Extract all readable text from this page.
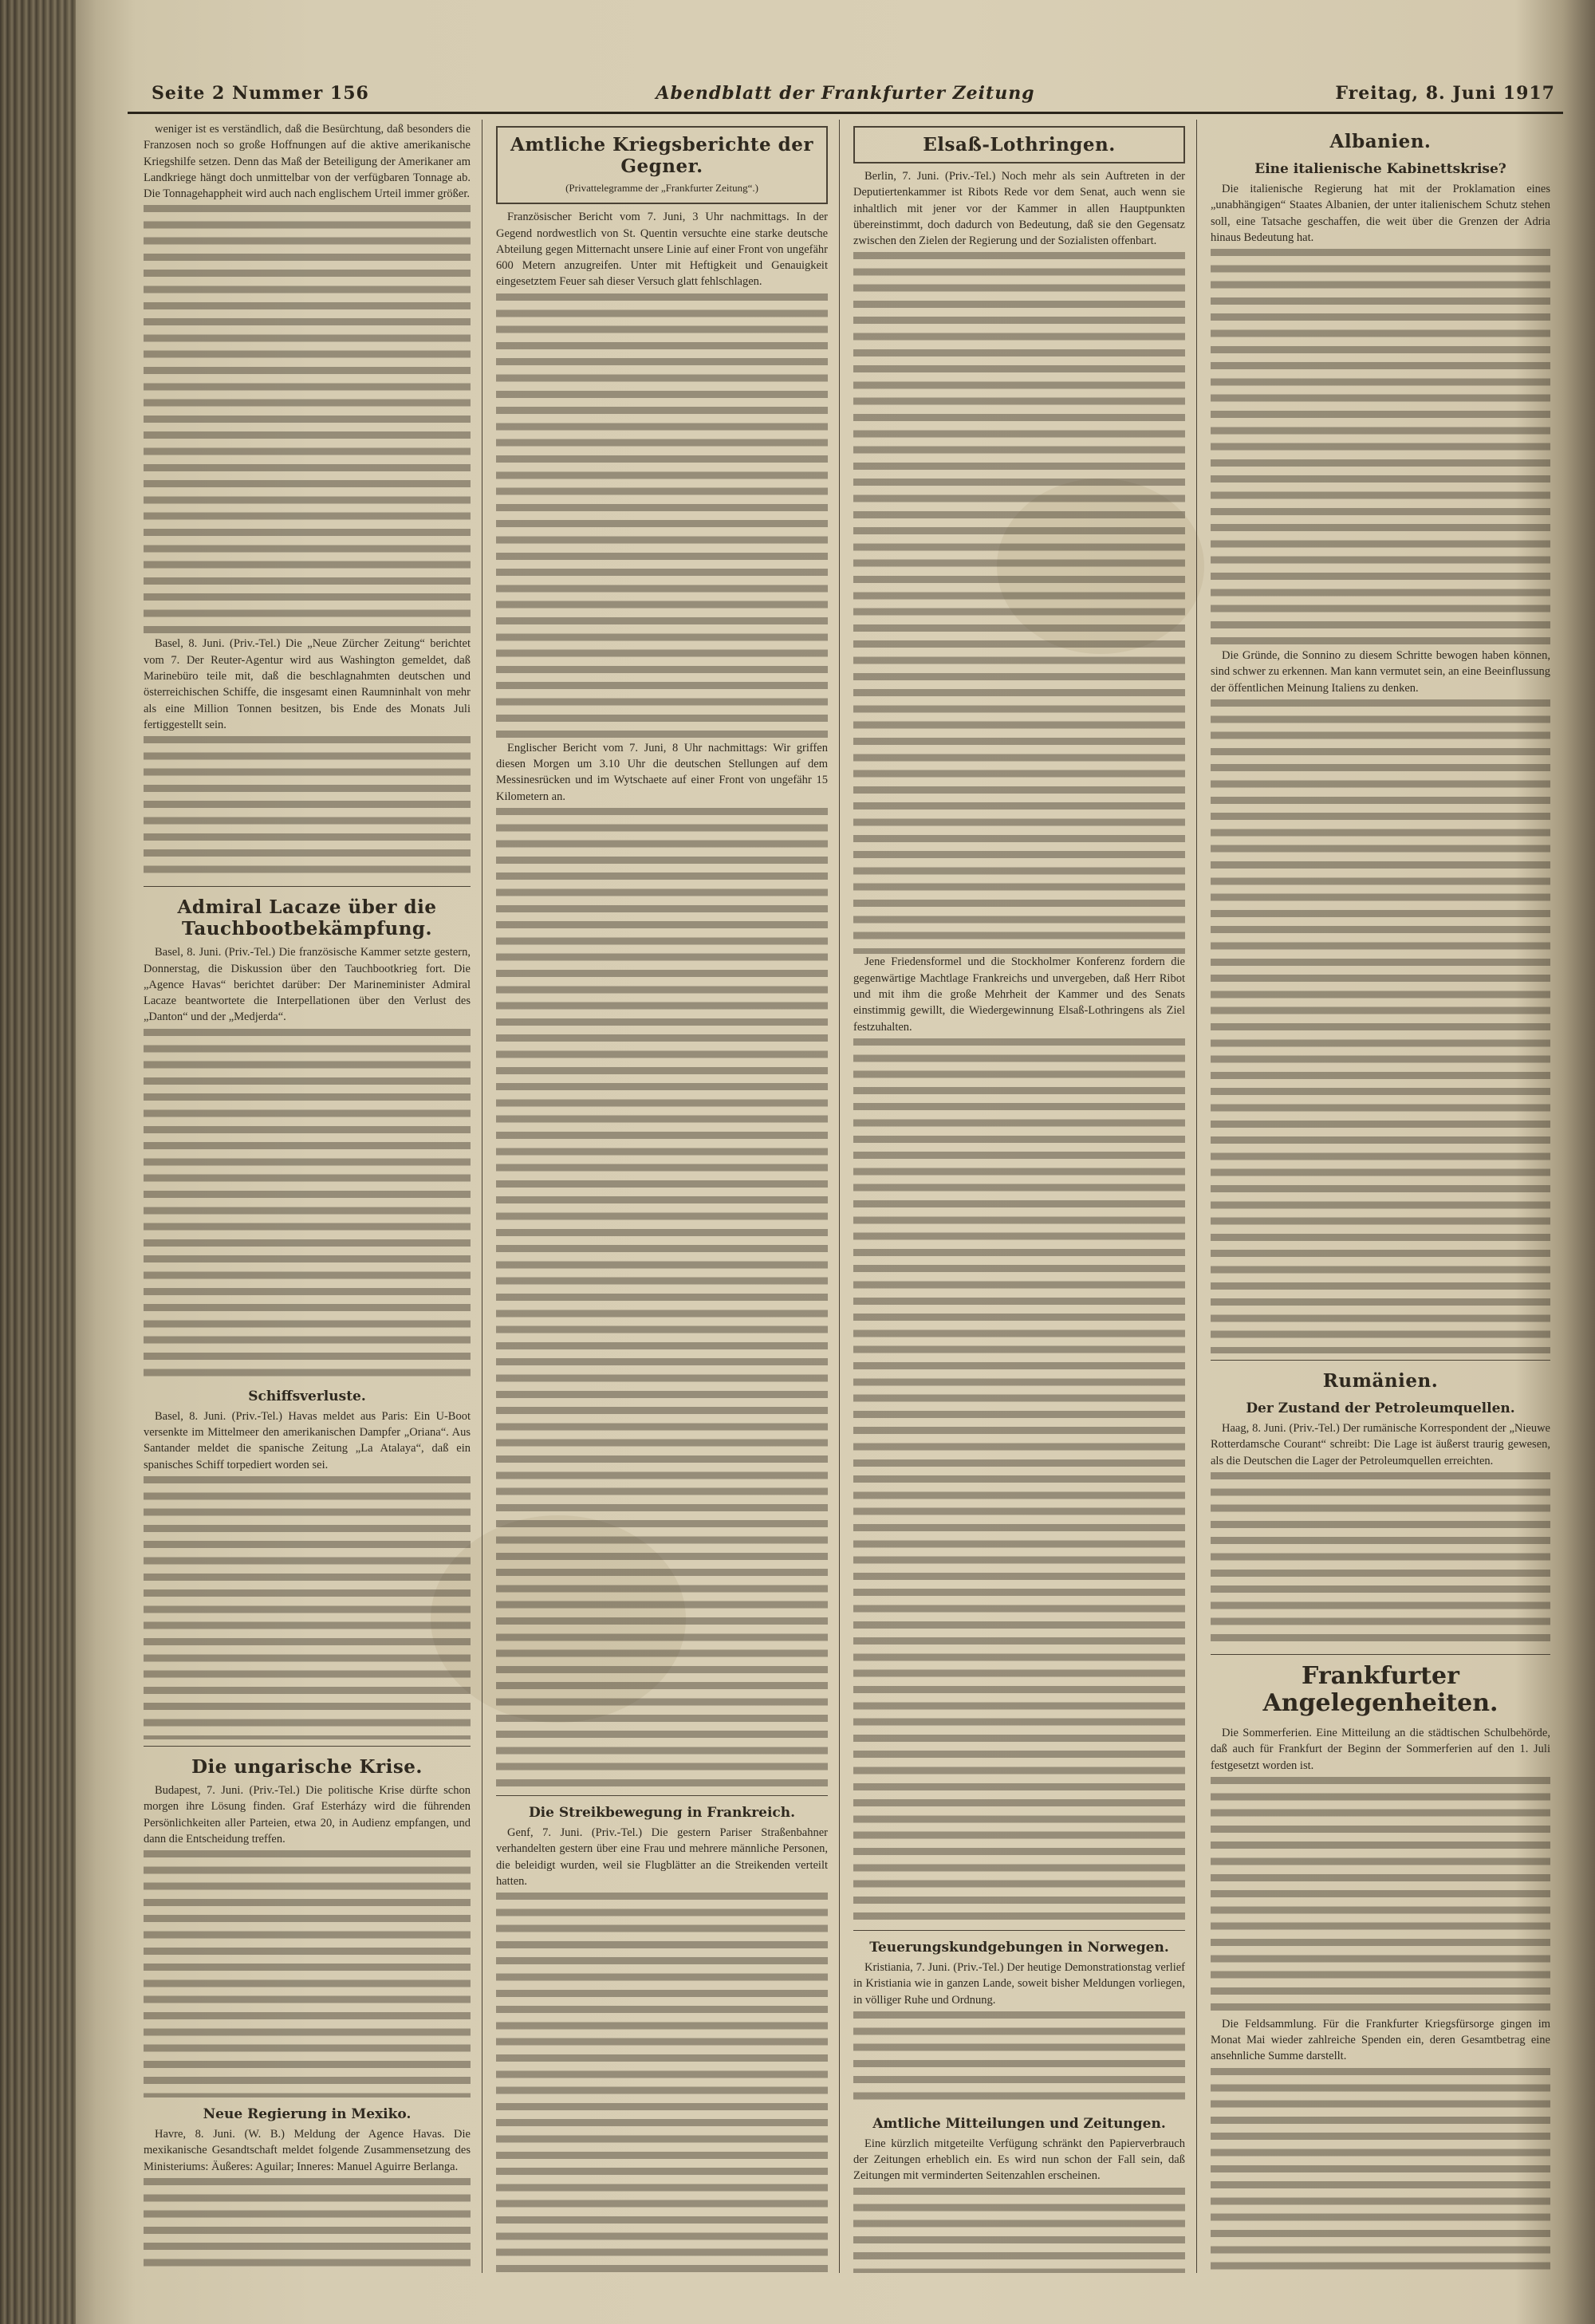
Seite 2 Nummer 156	Abendblatt der Frankfurter Zeitung	Freitag, 8. Juni 1917

weniger ist es verständlich, daß die Besürchtung, daß besonders die Franzosen noch so große Hoffnungen auf die aktive amerikanische Kriegshilfe setzen. Denn das Maß der Beteiligung der Amerikaner am Landkriege hängt doch unmittelbar von der verfügbaren Tonnage ab. Die Tonnagehappheit wird auch nach englischem Urteil immer größer.

Basel, 8. Juni. (Priv.-Tel.) Die „Neue Zürcher Zeitung“ berichtet vom 7. Der Reuter-Agentur wird aus Washington gemeldet, daß Marinebüro teile mit, daß die beschlagnahmten deutschen und österreichischen Schiffe, die insgesamt einen Raumninhalt von mehr als eine Million Tonnen besitzen, bis Ende des Monats Juli fertiggestellt sein.

Admiral Lacaze über die Tauchbootbekämpfung.

Basel, 8. Juni. (Priv.-Tel.) Die französische Kammer setzte gestern, Donnerstag, die Diskussion über den Tauchbootkrieg fort. Die „Agence Havas“ berichtet darüber: Der Marineminister Admiral Lacaze beantwortete die Interpellationen über den Verlust des „Danton“ und der „Medjerda“.

Schiffsverluste.

Basel, 8. Juni. (Priv.-Tel.) Havas meldet aus Paris: Ein U-Boot versenkte im Mittelmeer den amerikanischen Dampfer „Oriana“. Aus Santander meldet die spanische Zeitung „La Atalaya“, daß ein spanisches Schiff torpediert worden sei.

Die ungarische Krise.

Budapest, 7. Juni. (Priv.-Tel.) Die politische Krise dürfte schon morgen ihre Lösung finden. Graf Esterházy wird die führenden Persönlichkeiten aller Parteien, etwa 20, in Audienz empfangen, und dann die Entscheidung treffen.

Neue Regierung in Mexiko.

Havre, 8. Juni. (W. B.) Meldung der Agence Havas. Die mexikanische Gesandtschaft meldet folgende Zusammensetzung des Ministeriums: Äußeres: Aguilar; Inneres: Manuel Aguirre Berlanga.

Amtliche Kriegsberichte der Gegner.
(Privattelegramme der „Frankfurter Zeitung“.)

Französischer Bericht vom 7. Juni, 3 Uhr nachmittags. In der Gegend nordwestlich von St. Quentin versuchte eine starke deutsche Abteilung gegen Mitternacht unsere Linie auf einer Front von ungefähr 600 Metern anzugreifen. Unter mit Heftigkeit und Genauigkeit eingesetztem Feuer sah dieser Versuch glatt fehlschlagen.

Englischer Bericht vom 7. Juni, 8 Uhr nachmittags: Wir griffen diesen Morgen um 3.10 Uhr die deutschen Stellungen auf dem Messinesrücken und im Wytschaete auf einer Front von ungefähr 15 Kilometern an.

Die Streikbewegung in Frankreich.

Genf, 7. Juni. (Priv.-Tel.) Die gestern Pariser Straßenbahner verhandelten gestern über eine Frau und mehrere männliche Personen, die beleidigt wurden, weil sie Flugblätter an die Streikenden verteilt hatten.

Elsaß-Lothringen.

Berlin, 7. Juni. (Priv.-Tel.) Noch mehr als sein Auftreten in der Deputiertenkammer ist Ribots Rede vor dem Senat, auch wenn sie inhaltlich mit jener vor der Kammer in allen Hauptpunkten übereinstimmt, doch dadurch von Bedeutung, daß sie den Gegensatz zwischen den Zielen der Regierung und der Sozialisten offenbart.

Jene Friedensformel und die Stockholmer Konferenz fordern die gegenwärtige Machtlage Frankreichs und unvergeben, daß Herr Ribot und mit ihm die große Mehrheit der Kammer und des Senats einstimmig gewillt, die Wiedergewinnung Elsaß-Lothringens als Ziel festzuhalten.

Teuerungskundgebungen in Norwegen.

Kristiania, 7. Juni. (Priv.-Tel.) Der heutige Demonstrationstag verlief in Kristiania wie in ganzen Lande, soweit bisher Meldungen vorliegen, in völliger Ruhe und Ordnung.

Amtliche Mitteilungen und Zeitungen.

Eine kürzlich mitgeteilte Verfügung schränkt den Papierverbrauch der Zeitungen erheblich ein. Es wird nun schon der Fall sein, daß Zeitungen mit verminderten Seitenzahlen erscheinen.

Albanien.
Eine italienische Kabinettskrise?

Die italienische Regierung hat mit der Proklamation eines „unabhängigen“ Staates Albanien, der unter italienischem Schutz stehen soll, eine Tatsache geschaffen, die weit über die Grenzen der Adria hinaus Bedeutung hat.

Die Gründe, die Sonnino zu diesem Schritte bewogen haben können, sind schwer zu erkennen. Man kann vermutet sein, an eine Beeinflussung der öffentlichen Meinung Italiens zu denken.

Rumänien.
Der Zustand der Petroleumquellen.

Haag, 8. Juni. (Priv.-Tel.) Der rumänische Korrespondent der „Nieuwe Rotterdamsche Courant“ schreibt: Die Lage ist äußerst traurig gewesen, als die Deutschen die Lager der Petroleumquellen erreichten.

Frankfurter Angelegenheiten.

Die Sommerferien. Eine Mitteilung an die städtischen Schulbehörde, daß auch für Frankfurt der Beginn der Sommerferien auf den 1. Juli festgesetzt worden ist.

Die Feldsammlung. Für die Frankfurter Kriegsfürsorge gingen im Monat Mai wieder zahlreiche Spenden ein, deren Gesamtbetrag eine ansehnliche Summe darstellt.
